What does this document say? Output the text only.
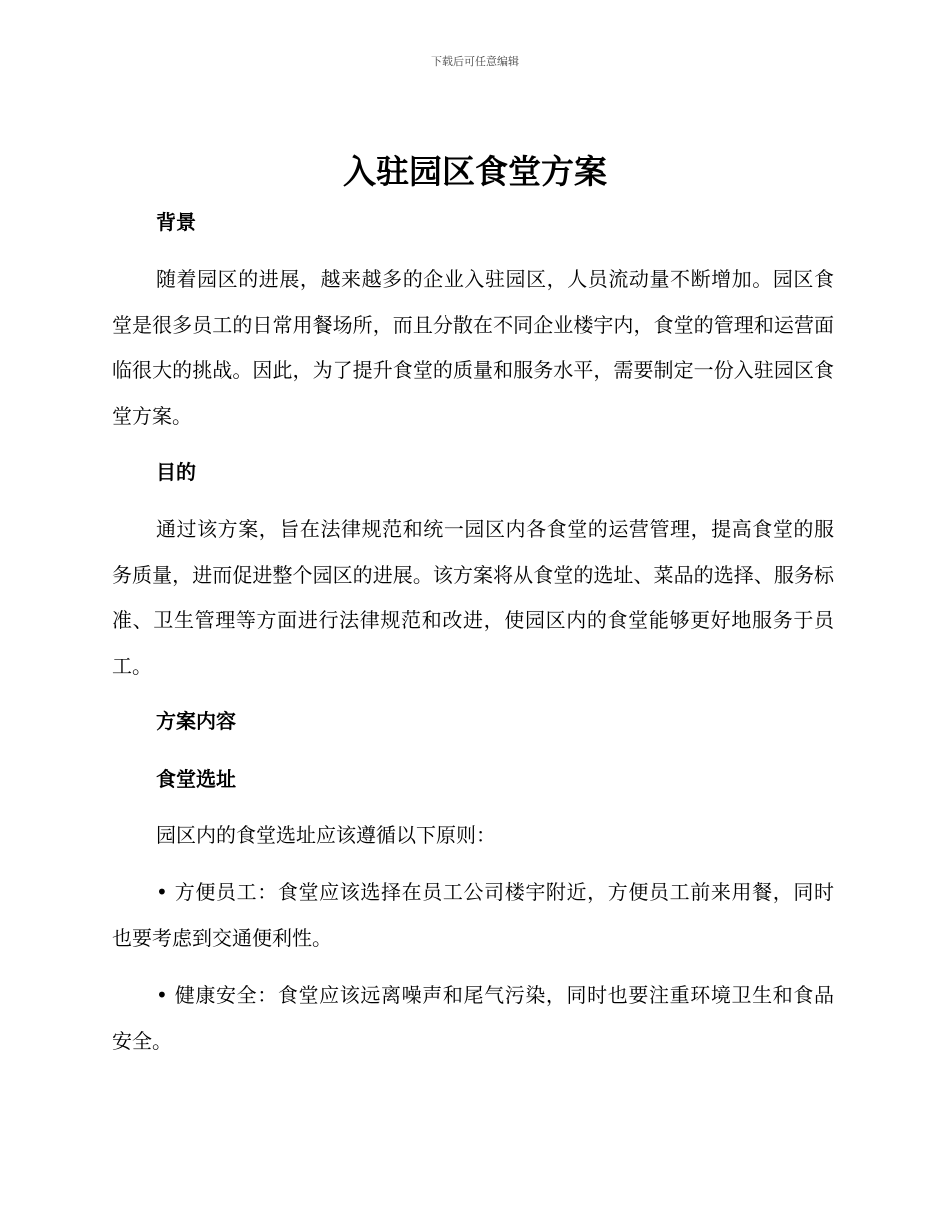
下载后可任意编辑
入驻园区食堂方案
背景

随着园区的进展，越来越多的企业入驻园区，人员流动量不断增加。园区食堂是很多员工的日常用餐场所，而且分散在不同企业楼宇内，食堂的管理和运营面临很大的挑战。因此，为了提升食堂的质量和服务水平，需要制定一份入驻园区食堂方案。

目的

通过该方案，旨在法律规范和统一园区内各食堂的运营管理，提高食堂的服务质量，进而促进整个园区的进展。该方案将从食堂的选址、菜品的选择、服务标准、卫生管理等方面进行法律规范和改进，使园区内的食堂能够更好地服务于员工。

方案内容
食堂选址

园区内的食堂选址应该遵循以下原则：

• 方便员工：食堂应该选择在员工公司楼宇附近，方便员工前来用餐，同时也要考虑到交通便利性。

• 健康安全：食堂应该远离噪声和尾气污染，同时也要注重环境卫生和食品安全。
